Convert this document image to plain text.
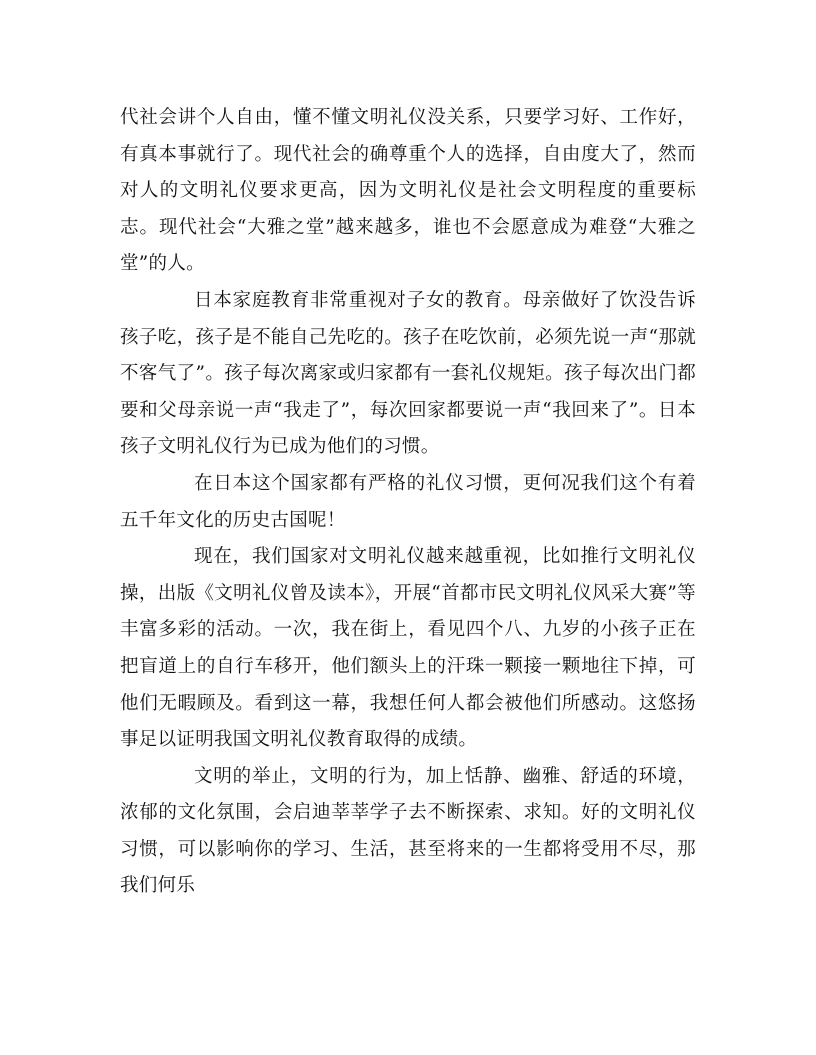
代社会讲个人自由，懂不懂文明礼仪没关系，只要学习好、工作好，有真本事就行了。现代社会的确尊重个人的选择，自由度大了，然而对人的文明礼仪要求更高，因为文明礼仪是社会文明程度的重要标志。现代社会“大雅之堂”越来越多，谁也不会愿意成为难登“大雅之堂”的人。

日本家庭教育非常重视对子女的教育。母亲做好了饮没告诉孩子吃，孩子是不能自己先吃的。孩子在吃饮前，必须先说一声“那就不客气了”。孩子每次离家或归家都有一套礼仪规矩。孩子每次出门都要和父母亲说一声“我走了”，每次回家都要说一声“我回来了”。日本孩子文明礼仪行为已成为他们的习惯。

在日本这个国家都有严格的礼仪习惯，更何况我们这个有着五千年文化的历史古国呢！

现在，我们国家对文明礼仪越来越重视，比如推行文明礼仪操，出版《文明礼仪曾及读本》，开展“首都市民文明礼仪风采大赛”等丰富多彩的活动。一次，我在街上，看见四个八、九岁的小孩子正在把盲道上的自行车移开，他们额头上的汗珠一颗接一颗地往下掉，可他们无暇顾及。看到这一幕，我想任何人都会被他们所感动。这悠扬事足以证明我国文明礼仪教育取得的成绩。

文明的举止，文明的行为，加上恬静、幽雅、舒适的环境，浓郁的文化氛围，会启迪莘莘学子去不断探索、求知。好的文明礼仪习惯，可以影响你的学习、生活，甚至将来的一生都将受用不尽，那我们何乐
